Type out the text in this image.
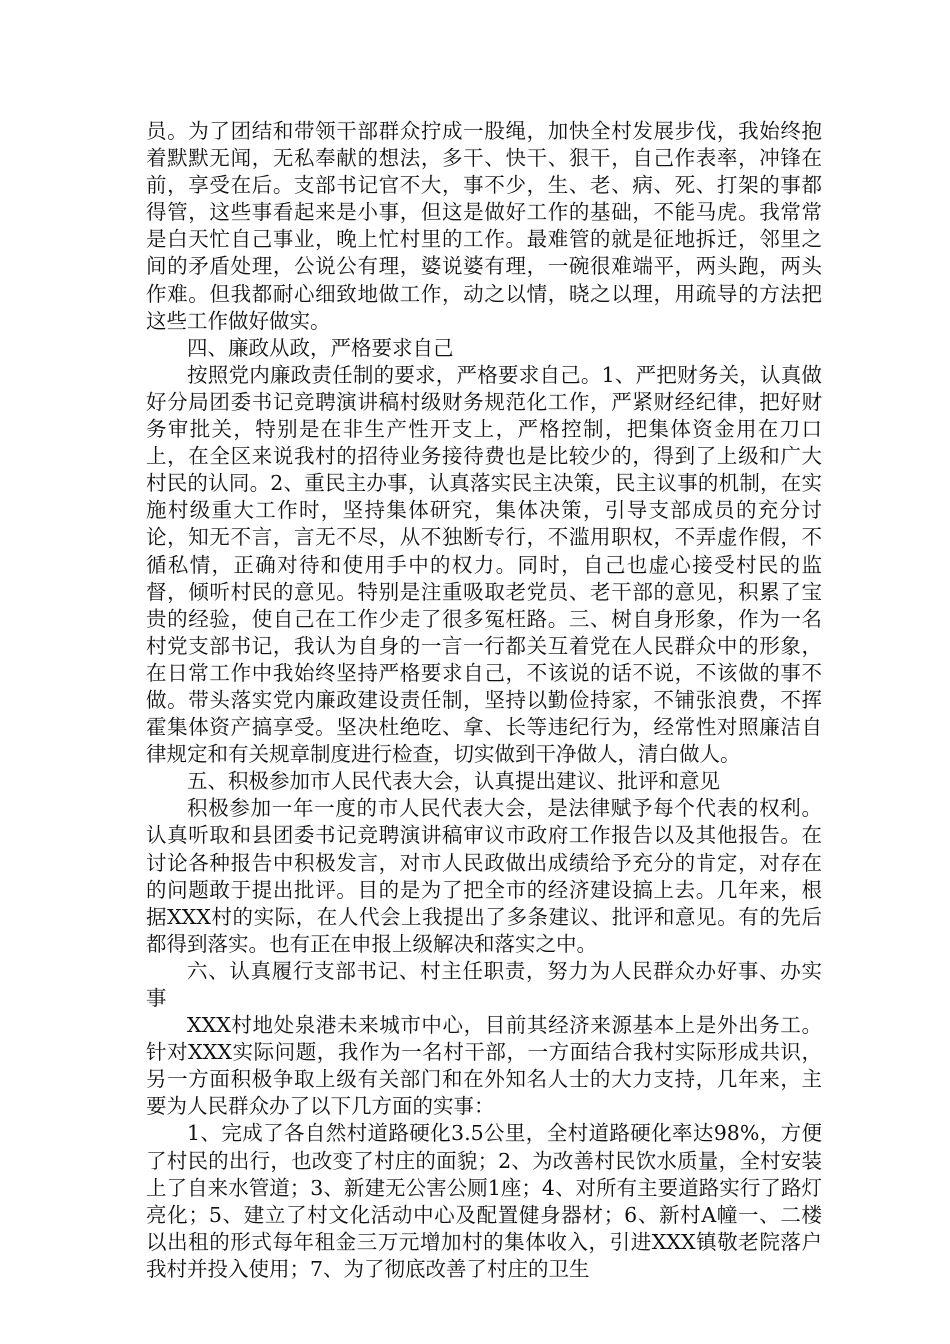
员。为了团结和带领干部群众拧成一股绳，加快全村发展步伐，我始终抱着默默无闻，无私奉献的想法，多干、快干、狠干，自己作表率，冲锋在前，享受在后。支部书记官不大，事不少，生、老、病、死、打架的事都得管，这些事看起来是小事，但这是做好工作的基础，不能马虎。我常常是白天忙自己事业，晚上忙村里的工作。最难管的就是征地拆迁，邻里之间的矛盾处理，公说公有理，婆说婆有理，一碗很难端平，两头跑，两头作难。但我都耐心细致地做工作，动之以情，晓之以理，用疏导的方法把这些工作做好做实。

四、廉政从政，严格要求自己

按照党内廉政责任制的要求，严格要求自己。1、严把财务关，认真做好分局团委书记竞聘演讲稿村级财务规范化工作，严紧财经纪律，把好财务审批关，特别是在非生产性开支上，严格控制，把集体资金用在刀口上，在全区来说我村的招待业务接待费也是比较少的，得到了上级和广大村民的认同。2、重民主办事，认真落实民主决策，民主议事的机制，在实施村级重大工作时，坚持集体研究，集体决策，引导支部成员的充分讨论，知无不言，言无不尽，从不独断专行，不滥用职权，不弄虚作假，不循私情，正确对待和使用手中的权力。同时，自己也虚心接受村民的监督，倾听村民的意见。特别是注重吸取老党员、老干部的意见，积累了宝贵的经验，使自己在工作少走了很多冤枉路。三、树自身形象，作为一名村党支部书记，我认为自身的一言一行都关互着党在人民群众中的形象，在日常工作中我始终坚持严格要求自己，不该说的话不说，不该做的事不做。带头落实党内廉政建设责任制，坚持以勤俭持家，不铺张浪费，不挥霍集体资产搞享受。坚决杜绝吃、拿、长等违纪行为，经常性对照廉洁自律规定和有关规章制度进行检查，切实做到干净做人，清白做人。

五、积极参加市人民代表大会，认真提出建议、批评和意见

积极参加一年一度的市人民代表大会，是法律赋予每个代表的权利。认真听取和县团委书记竞聘演讲稿审议市政府工作报告以及其他报告。在讨论各种报告中积极发言，对市人民政做出成绩给予充分的肯定，对存在的问题敢于提出批评。目的是为了把全市的经济建设搞上去。几年来，根据XXX村的实际，在人代会上我提出了多条建议、批评和意见。有的先后都得到落实。也有正在申报上级解决和落实之中。

六、认真履行支部书记、村主任职责，努力为人民群众办好事、办实事

XXX村地处泉港未来城市中心，目前其经济来源基本上是外出务工。针对XXX实际问题，我作为一名村干部，一方面结合我村实际形成共识，另一方面积极争取上级有关部门和在外知名人士的大力支持，几年来，主要为人民群众办了以下几方面的实事：

1、完成了各自然村道路硬化3.5公里，全村道路硬化率达98%，方便了村民的出行，也改变了村庄的面貌；2、为改善村民饮水质量，全村安装上了自来水管道；3、新建无公害公厕1座；4、对所有主要道路实行了路灯亮化；5、建立了村文化活动中心及配置健身器材；6、新村A幢一、二楼以出租的形式每年租金三万元增加村的集体收入，引进XXX镇敬老院落户我村并投入使用；7、为了彻底改善了村庄的卫生
